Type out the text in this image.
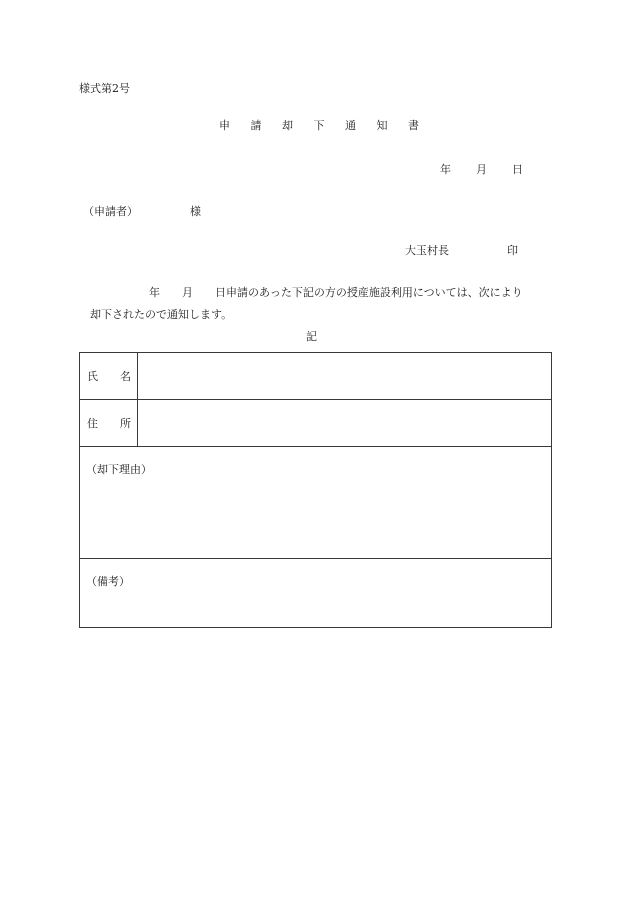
様式第2号
申請却下通知書
年 月 日
（申請者）	様
大玉村長	印
年 月 日申請のあった下記の方の授産施設利用については、次により
却下されたので通知します。
記
氏 名	

住 所	

（却下理由）	

（備考）	
